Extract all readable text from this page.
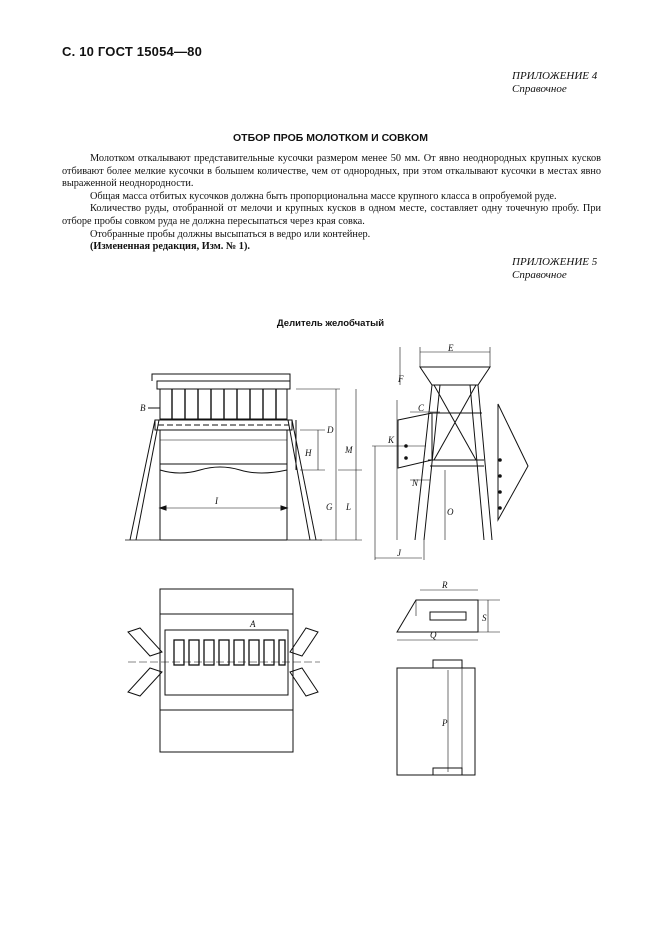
С. 10 ГОСТ 15054—80
ПРИЛОЖЕНИЕ 4
Справочное
ОТБОР ПРОБ МОЛОТКОМ И СОВКОМ

Молотком откалывают представительные кусочки размером менее 50 мм. От явно неоднородных крупных кусков отбивают более мелкие кусочки в большем количестве, чем от однородных, при этом откалывают кусочки в местах явно выраженной неоднородности.

Общая масса отбитых кусочков должна быть пропорциональна массе крупного класса в опробуемой руде.

Количество руды, отобранной от мелочи и крупных кусков в одном месте, составляет одну точечную пробу. При отборе пробы совком руда не должна пересыпаться через края совка.

Отобранные пробы должны высыпаться в ведро или контейнер.

(Измененная редакция, Изм. № 1).

ПРИЛОЖЕНИЕ 5
Справочное
Делитель желобчатый
B
D
H	M
G L
I
E
F
C
K
N
O
J
A
R
S
Q
P
